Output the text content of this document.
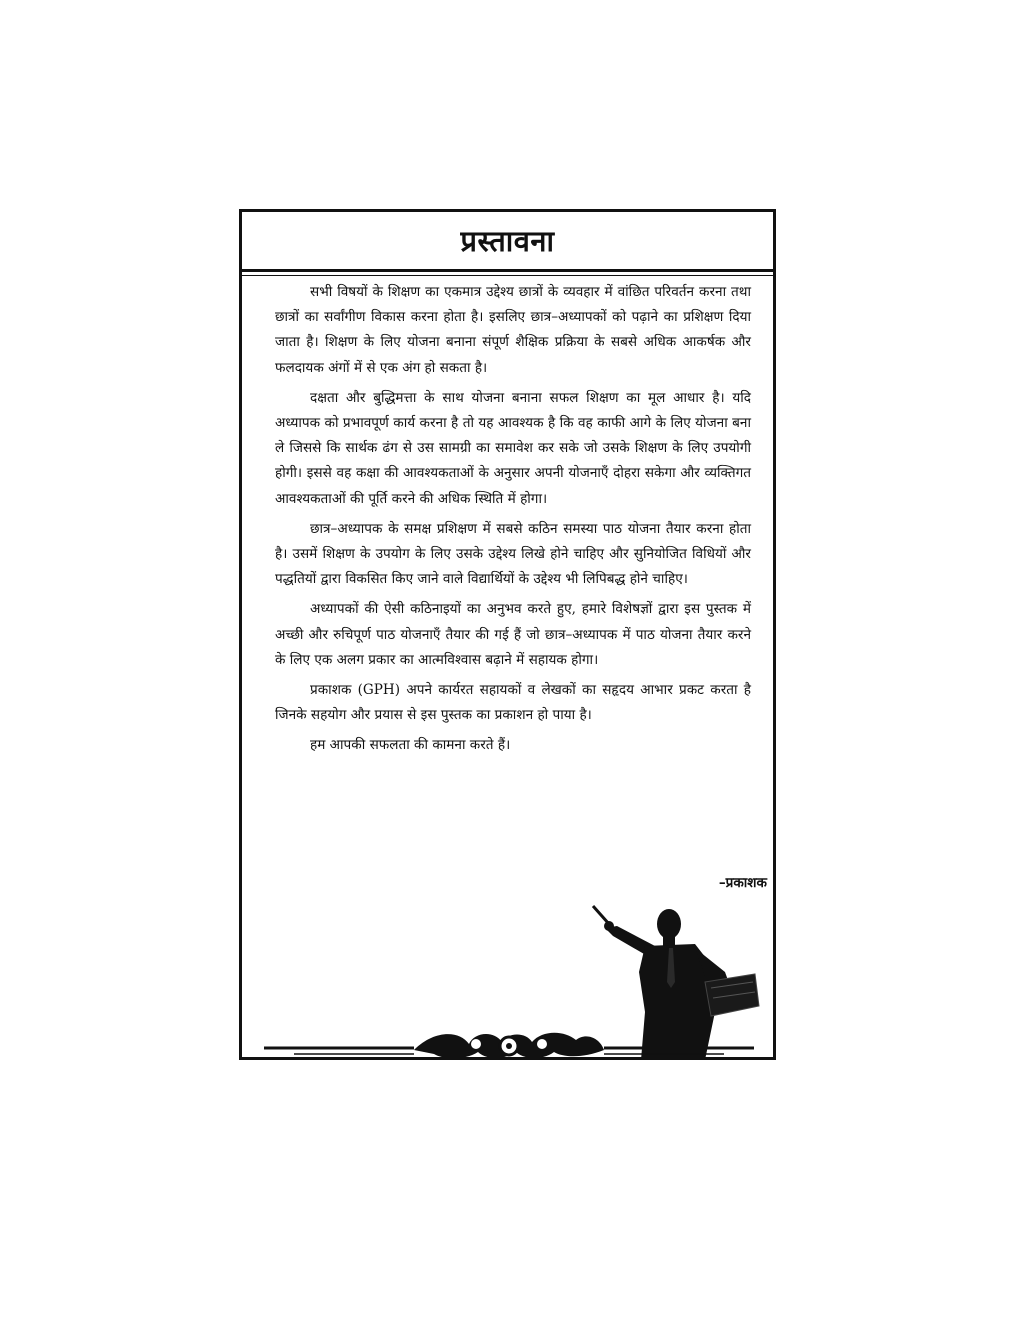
प्रस्तावना

सभी विषयों के शिक्षण का एकमात्र उद्देश्य छात्रों के व्यवहार में वांछित परिवर्तन करना तथा छात्रों का सर्वांगीण विकास करना होता है। इसलिए छात्र–अध्यापकों को पढ़ाने का प्रशिक्षण दिया जाता है। शिक्षण के लिए योजना बनाना संपूर्ण शैक्षिक प्रक्रिया के सबसे अधिक आकर्षक और फलदायक अंगों में से एक अंग हो सकता है।

दक्षता और बुद्धिमत्ता के साथ योजना बनाना सफल शिक्षण का मूल आधार है। यदि अध्यापक को प्रभावपूर्ण कार्य करना है तो यह आवश्यक है कि वह काफी आगे के लिए योजना बना ले जिससे कि सार्थक ढंग से उस सामग्री का समावेश कर सके जो उसके शिक्षण के लिए उपयोगी होगी। इससे वह कक्षा की आवश्यकताओं के अनुसार अपनी योजनाएँ दोहरा सकेगा और व्यक्तिगत आवश्यकताओं की पूर्ति करने की अधिक स्थिति में होगा।

छात्र–अध्यापक के समक्ष प्रशिक्षण में सबसे कठिन समस्या पाठ योजना तैयार करना होता है। उसमें शिक्षण के उपयोग के लिए उसके उद्देश्य लिखे होने चाहिए और सुनियोजित विधियों और पद्धतियों द्वारा विकसित किए जाने वाले विद्यार्थियों के उद्देश्य भी लिपिबद्ध होने चाहिए।

अध्यापकों की ऐसी कठिनाइयों का अनुभव करते हुए, हमारे विशेषज्ञों द्वारा इस पुस्तक में अच्छी और रुचिपूर्ण पाठ योजनाएँ तैयार की गई हैं जो छात्र–अध्यापक में पाठ योजना तैयार करने के लिए एक अलग प्रकार का आत्मविश्वास बढ़ाने में सहायक होगा।

प्रकाशक (GPH) अपने कार्यरत सहायकों व लेखकों का सहृदय आभार प्रकट करता है जिनके सहयोग और प्रयास से इस पुस्तक का प्रकाशन हो पाया है।

हम आपकी सफलता की कामना करते हैं।

–प्रकाशक
